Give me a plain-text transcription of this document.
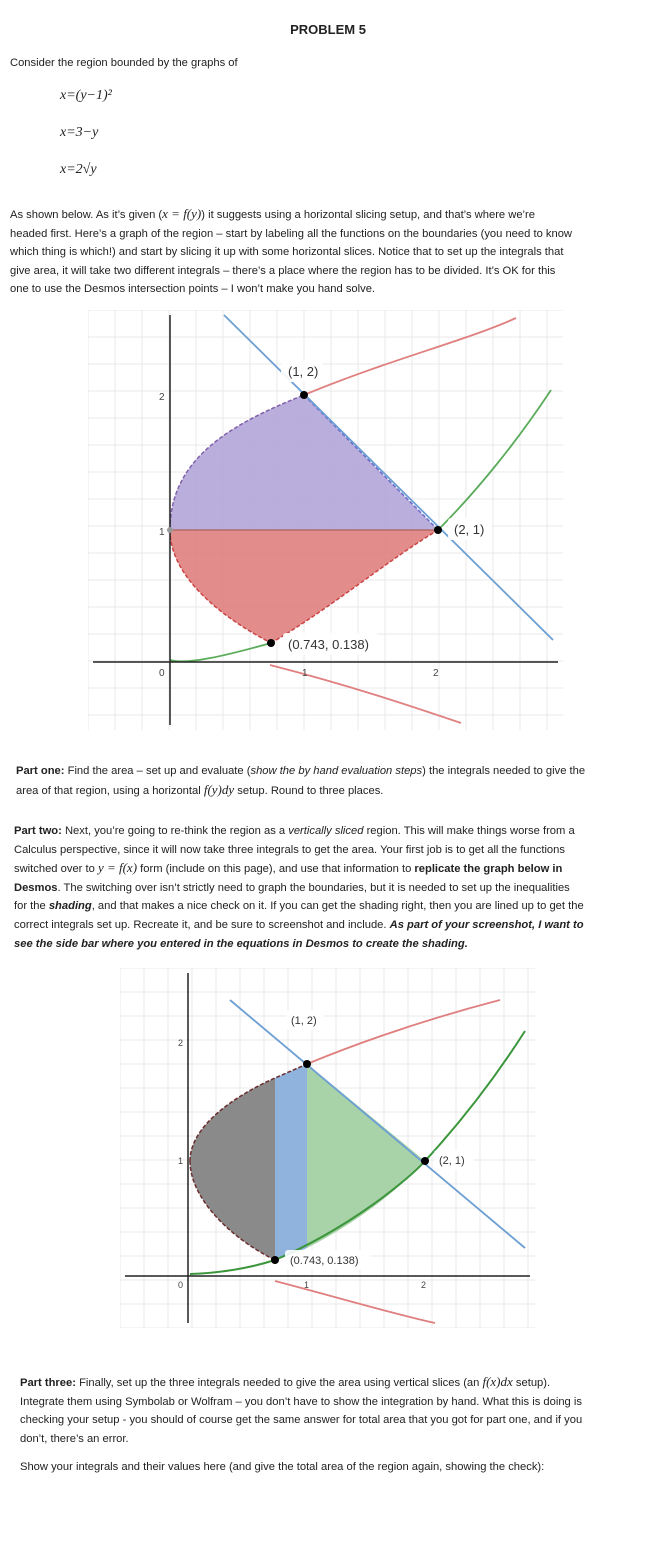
PROBLEM 5
Consider the region bounded by the graphs of
x=(y−1)²
x=3−y
x=2√y
As shown below. As it’s given (x = f(y)) it suggests using a horizontal slicing setup, and that’s where we’re
headed first. Here’s a graph of the region – start by labeling all the functions on the boundaries (you need to know
which thing is which!) and start by slicing it up with some horizontal slices. Notice that to set up the integrals that
give area, it will take two different integrals – there’s a place where the region has to be divided. It’s OK for this
one to use the Desmos intersection points – I won’t make you hand solve.
(1, 2)
(2, 1)
(0.743, 0.138)
2
1
0	1	2
Part one: Find the area – set up and evaluate (show the by hand evaluation steps) the integrals needed to give the
area of that region, using a horizontal f(y)dy setup. Round to three places.
Part two: Next, you’re going to re-think the region as a vertically sliced region. This will make things worse from a
Calculus perspective, since it will now take three integrals to get the area. Your first job is to get all the functions
switched over to y = f(x) form (include on this page), and use that information to replicate the graph below in
Desmos. The switching over isn’t strictly need to graph the boundaries, but it is needed to set up the inequalities
for the shading, and that makes a nice check on it. If you can get the shading right, then you are lined up to get the
correct integrals set up. Recreate it, and be sure to screenshot and include. As part of your screenshot, I want to
see the side bar where you entered in the equations in Desmos to create the shading.
(1, 2)
(2, 1)
(0.743, 0.138)
2
1
0	1	2
Part three: Finally, set up the three integrals needed to give the area using vertical slices (an f(x)dx setup).
Integrate them using Symbolab or Wolfram – you don’t have to show the integration by hand. What this is doing is
checking your setup - you should of course get the same answer for total area that you got for part one, and if you
don’t, there’s an error.
Show your integrals and their values here (and give the total area of the region again, showing the check):
